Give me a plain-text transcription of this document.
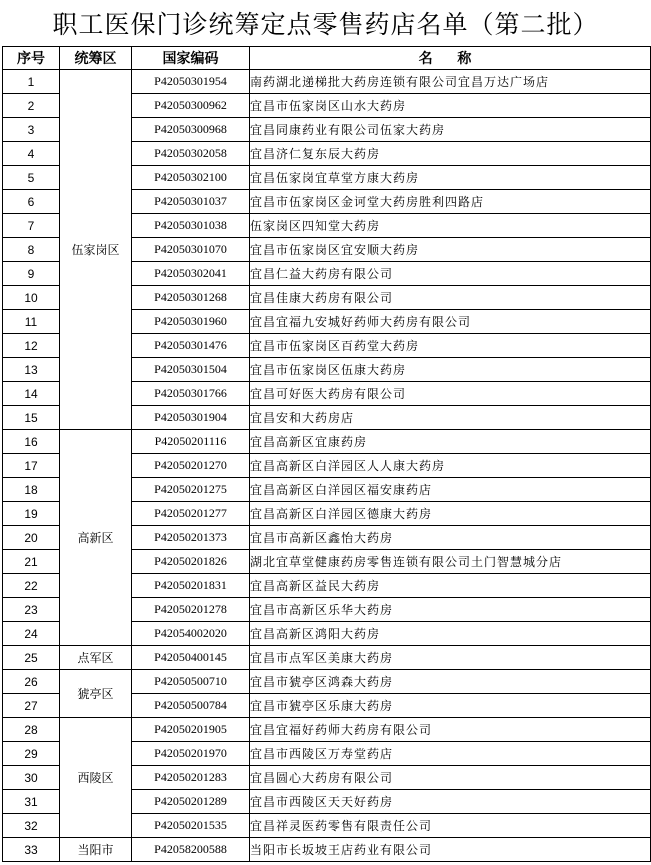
职工医保门诊统筹定点零售药店名单（第二批）
序号	统筹区	国家编码	名 称
1	伍家岗区	P42050301954	南药湖北递梯批大药房连锁有限公司宜昌万达广场店
2		P42050300962	宜昌市伍家岗区山水大药房
3		P42050300968	宜昌同康药业有限公司伍家大药房
4		P42050302058	宜昌济仁复东辰大药房
5		P42050302100	宜昌伍家岗宜草堂方康大药房
6		P42050301037	宜昌市伍家岗区金诃堂大药房胜利四路店
7		P42050301038	伍家岗区四知堂大药房
8		P42050301070	宜昌市伍家岗区宜安顺大药房
9		P42050302041	宜昌仁益大药房有限公司
10		P42050301268	宜昌佳康大药房有限公司
11		P42050301960	宜昌宜福九安城好药师大药房有限公司
12		P42050301476	宜昌市伍家岗区百药堂大药房
13		P42050301504	宜昌市伍家岗区伍康大药房
14		P42050301766	宜昌可好医大药房有限公司
15		P42050301904	宜昌安和大药房店
16	高新区	P42050201116	宜昌高新区宜康药房
17		P42050201270	宜昌高新区白洋园区人人康大药房
18		P42050201275	宜昌高新区白洋园区福安康药店
19		P42050201277	宜昌高新区白洋园区德康大药房
20		P42050201373	宜昌市高新区鑫怡大药房
21		P42050201826	湖北宜草堂健康药房零售连锁有限公司土门智慧城分店
22		P42050201831	宜昌高新区益民大药房
23		P42050201278	宜昌市高新区乐华大药房
24		P42054002020	宜昌高新区鸿阳大药房
25	点军区	P42050400145	宜昌市点军区美康大药房
26	猇亭区	P42050500710	宜昌市猇亭区鸿森大药房
27		P42050500784	宜昌市猇亭区乐康大药房
28	西陵区	P42050201905	宜昌宜福好药师大药房有限公司
29		P42050201970	宜昌市西陵区万寿堂药店
30		P42050201283	宜昌圆心大药房有限公司
31		P42050201289	宜昌市西陵区天天好药房
32		P42050201535	宜昌祥灵医药零售有限责任公司
33	当阳市	P42058200588	当阳市长坂坡王店药业有限公司
